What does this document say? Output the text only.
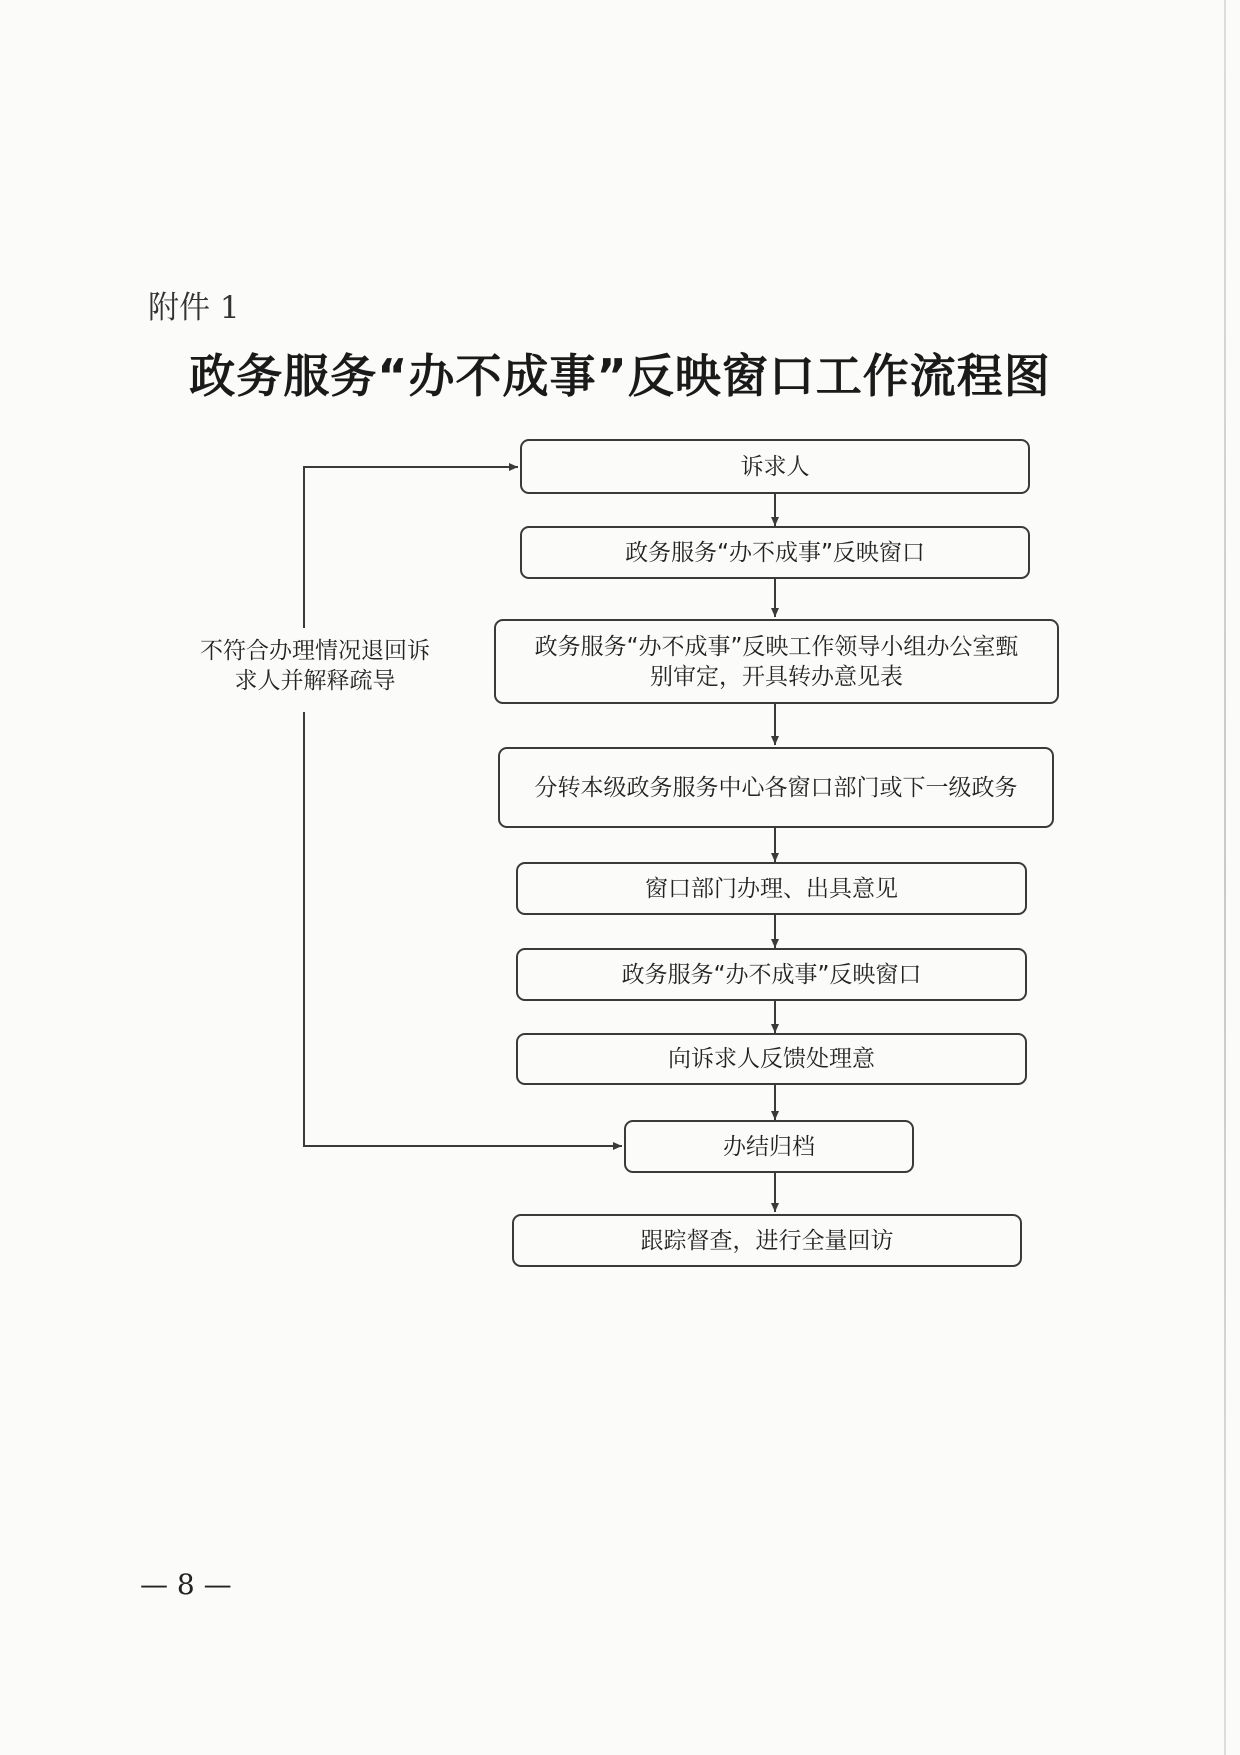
附件 1
政务服务“办不成事”反映窗口工作流程图
诉求人
政务服务“办不成事”反映窗口
政务服务“办不成事”反映工作领导小组办公室甄别审定，开具转办意见表
分转本级政务服务中心各窗口部门或下一级政务
窗口部门办理、出具意见
政务服务“办不成事”反映窗口
向诉求人反馈处理意
办结归档
跟踪督查，进行全量回访
不符合办理情况退回诉求人并解释疏导
— 8 —
